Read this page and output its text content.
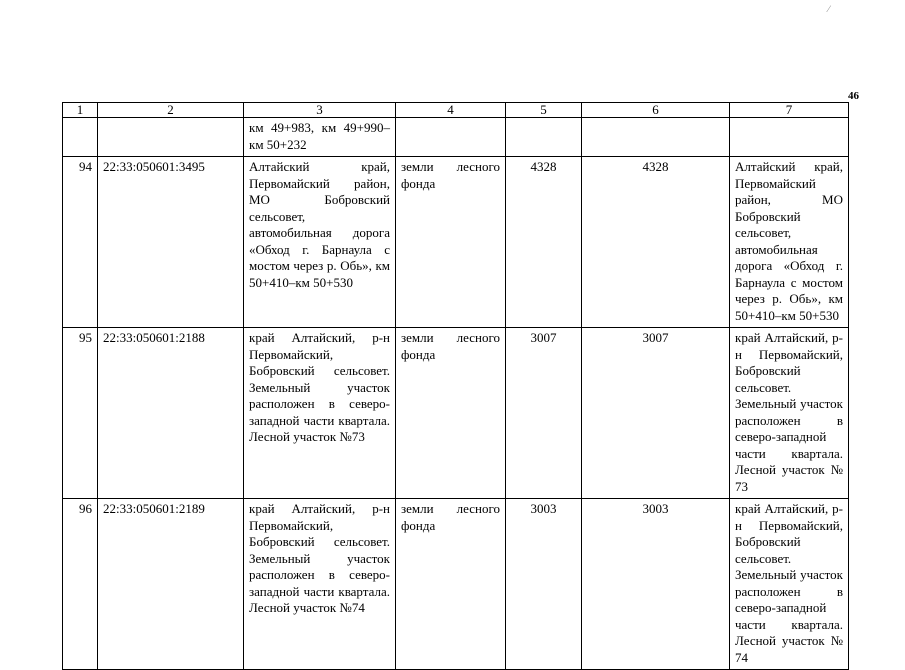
⁄
46
1	2	3	4	5	6	7
		км 49+983, км 49+990–км 50+232				
94	22:33:050601:3495	Алтайский край, Первомайский район, МО Бобровский сельсовет, автомобильная дорога «Обход г. Барнаула с мостом через р. Обь», км 50+410–км 50+530	земли лесного фонда	4328	4328	Алтайский край, Первомайский район, МО Бобровский сельсовет, автомобильная дорога «Обход г. Барнаула с мостом через р. Обь», км 50+410–км 50+530
95	22:33:050601:2188	край Алтайский, р-н Первомайский, Бобровский сельсовет. Земельный участок расположен в северо-западной части квартала. Лесной участок №73	земли лесного фонда	3007	3007	край Алтайский, р-н Первомайский, Бобровский сельсовет. Земельный участок расположен в северо-западной части квартала. Лесной участок № 73
96	22:33:050601:2189	край Алтайский, р-н Первомайский, Бобровский сельсовет. Земельный участок расположен в северо-западной части квартала. Лесной участок №74	земли лесного фонда	3003	3003	край Алтайский, р-н Первомайский, Бобровский сельсовет. Земельный участок расположен в северо-западной части квартала. Лесной участок № 74
